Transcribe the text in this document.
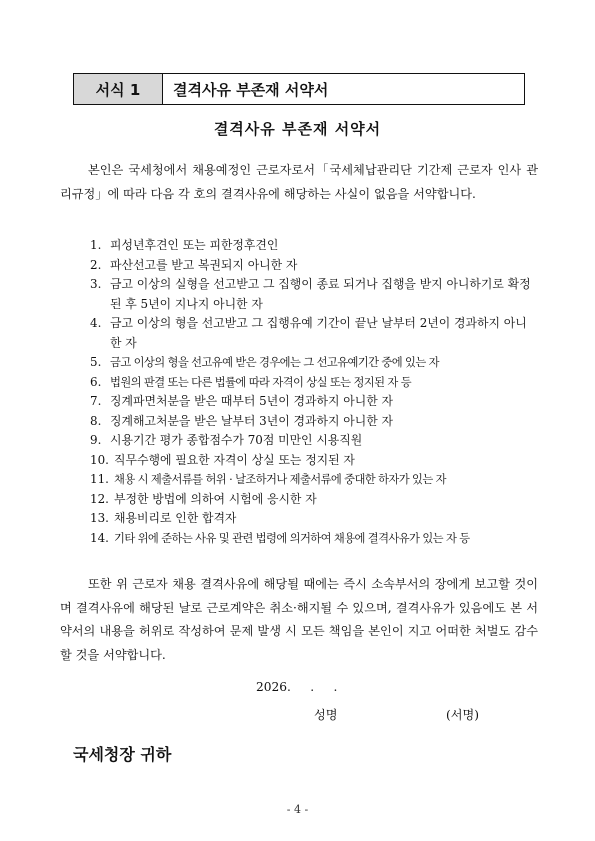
서식 1	결격사유 부존재 서약서
결격사유 부존재 서약서

본인은 국세청에서 채용예정인 근로자로서「국세체납관리단 기간제 근로자 인사 관리규정」에 따라 다음 각 호의 결격사유에 해당하는 사실이 없음을 서약합니다.

1. 피성년후견인 또는 피한정후견인
2. 파산선고를 받고 복권되지 아니한 자
3. 금고 이상의 실형을 선고받고 그 집행이 종료 되거나 집행을 받지 아니하기로 확정된 후 5년이 지나지 아니한 자
4. 금고 이상의 형을 선고받고 그 집행유예 기간이 끝난 날부터 2년이 경과하지 아니한 자
5. 금고 이상의 형을 선고유예 받은 경우에는 그 선고유예기간 중에 있는 자
6. 법원의 판결 또는 다른 법률에 따라 자격이 상실 또는 정지된 자 등
7. 징계파면처분을 받은 때부터 5년이 경과하지 아니한 자
8. 징계해고처분을 받은 날부터 3년이 경과하지 아니한 자
9. 시용기간 평가 종합점수가 70점 미만인 시용직원
10. 직무수행에 필요한 자격이 상실 또는 정지된 자
11. 채용 시 제출서류를 허위 · 날조하거나 제출서류에 중대한 하자가 있는 자
12. 부정한 방법에 의하여 시험에 응시한 자
13. 채용비리로 인한 합격자
14. 기타 위에 준하는 사유 및 관련 법령에 의거하여 채용에 결격사유가 있는 자 등

또한 위 근로자 채용 결격사유에 해당될 때에는 즉시 소속부서의 장에게 보고할 것이며 결격사유에 해당된 날로 근로계약은 취소·해지될 수 있으며, 결격사유가 있음에도 본 서약서의 내용을 허위로 작성하여 문제 발생 시 모든 책임을 본인이 지고 어떠한 처벌도 감수할 것을 서약합니다.

2026.     .     .
성명	(서명)
국세청장 귀하
- 4 -
